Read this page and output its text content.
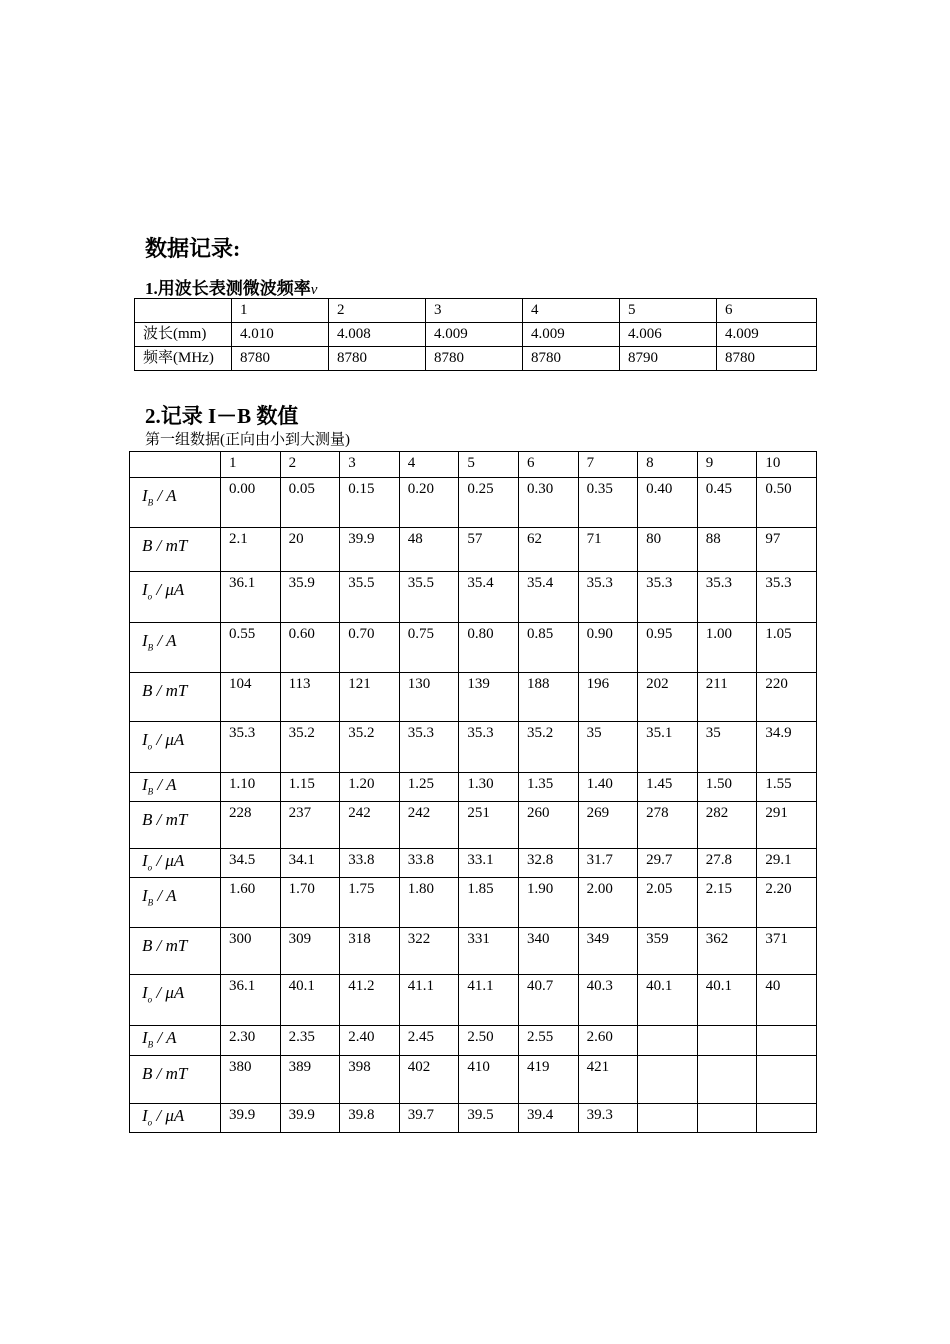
数据记录:
1.用波长表测微波频率ν
	1	2	3	4	5	6
波长(mm)	4.010	4.008	4.009	4.009	4.006	4.009
频率(MHz)	8780	8780	8780	8780	8790	8780
2.记录 I－B 数值
第一组数据(正向由小到大测量)
	1	2	3	4	5	6	7	8	9	10
$I_B$ / A	0.00	0.05	0.15	0.20	0.25	0.30	0.35	0.40	0.45	0.50
B / mT	2.1	20	39.9	48	57	62	71	80	88	97
$I_o$ / μA	36.1	35.9	35.5	35.5	35.4	35.4	35.3	35.3	35.3	35.3
$I_B$ / A	0.55	0.60	0.70	0.75	0.80	0.85	0.90	0.95	1.00	1.05
B / mT	104	113	121	130	139	188	196	202	211	220
$I_o$ / μA	35.3	35.2	35.2	35.3	35.3	35.2	35	35.1	35	34.9
$I_B$ / A	1.10	1.15	1.20	1.25	1.30	1.35	1.40	1.45	1.50	1.55
B / mT	228	237	242	242	251	260	269	278	282	291
$I_o$ / μA	34.5	34.1	33.8	33.8	33.1	32.8	31.7	29.7	27.8	29.1
$I_B$ / A	1.60	1.70	1.75	1.80	1.85	1.90	2.00	2.05	2.15	2.20
B / mT	300	309	318	322	331	340	349	359	362	371
$I_o$ / μA	36.1	40.1	41.2	41.1	41.1	40.7	40.3	40.1	40.1	40
$I_B$ / A	2.30	2.35	2.40	2.45	2.50	2.55	2.60			
B / mT	380	389	398	402	410	419	421			
$I_o$ / μA	39.9	39.9	39.8	39.7	39.5	39.4	39.3			
